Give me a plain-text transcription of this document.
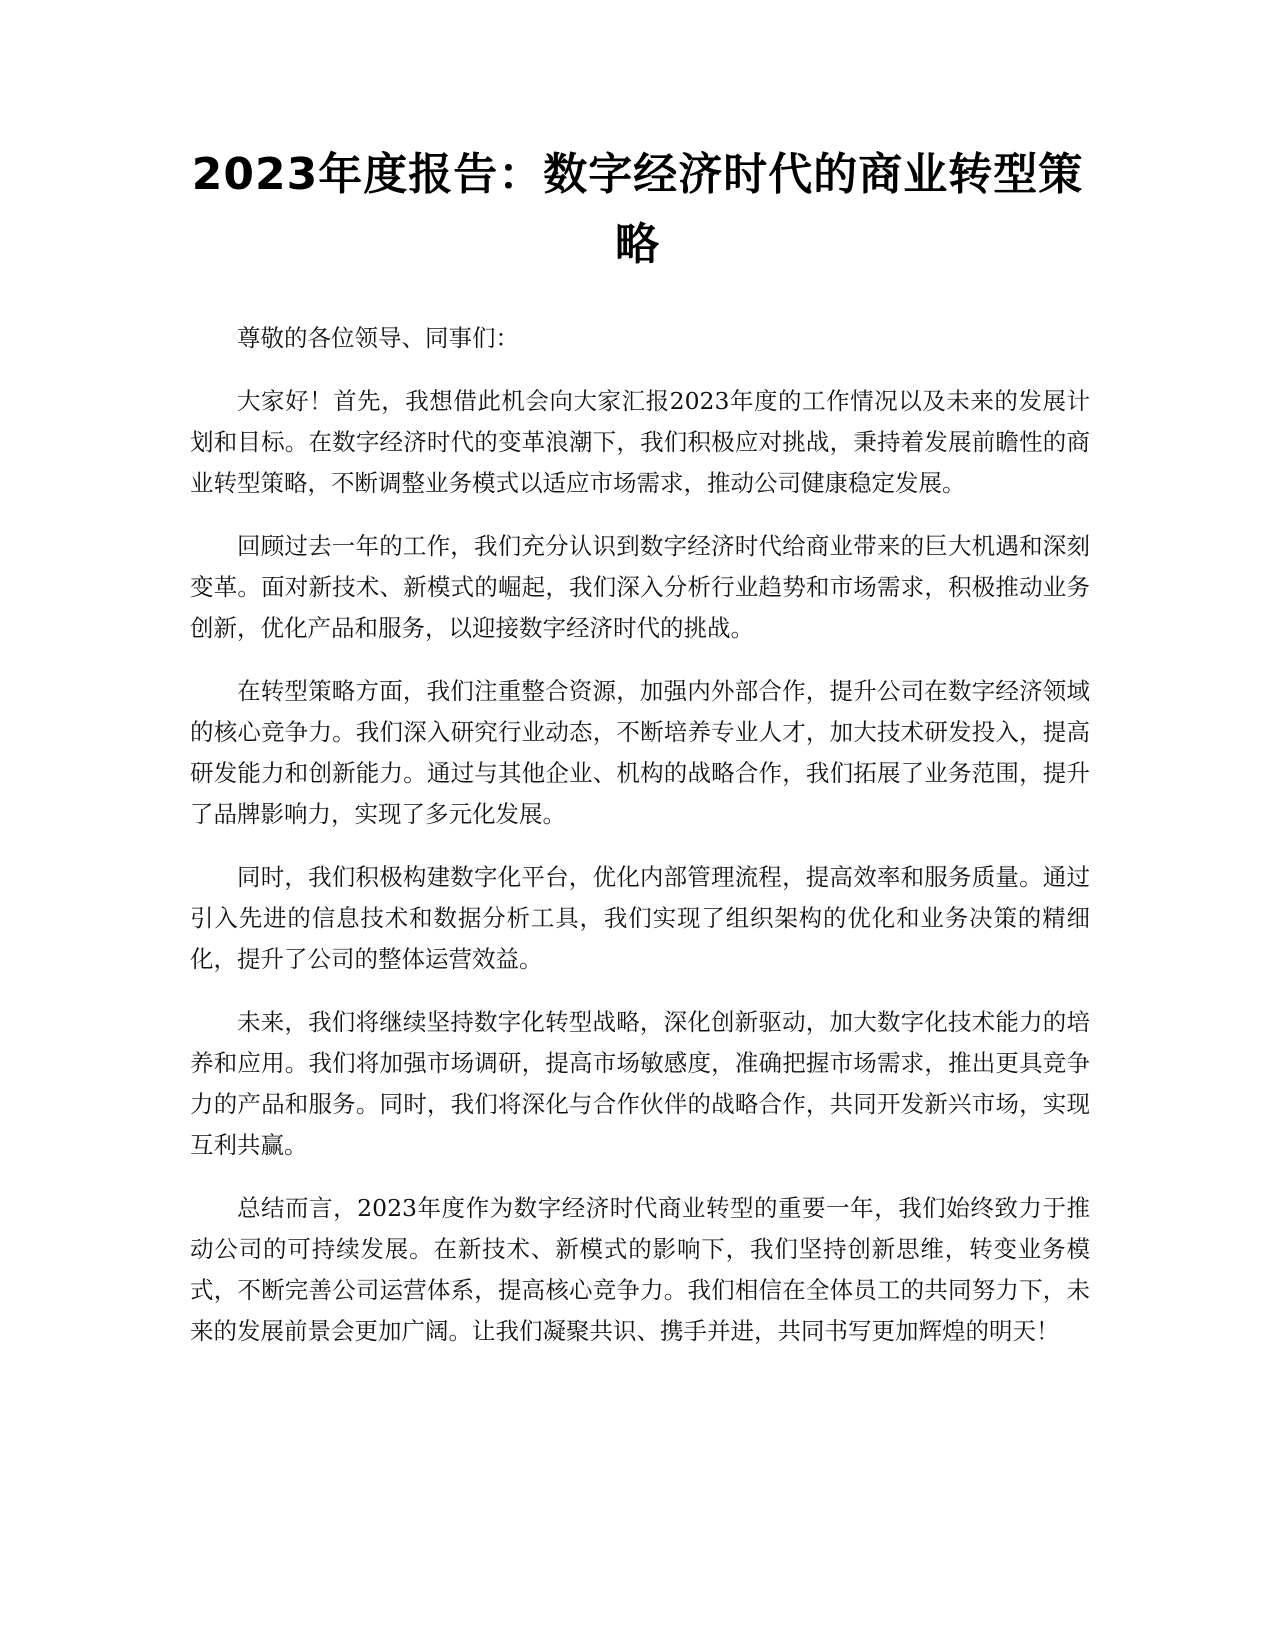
2023年度报告：数字经济时代的商业转型策略

尊敬的各位领导、同事们：

大家好！首先，我想借此机会向大家汇报2023年度的工作情况以及未来的发展计划和目标。在数字经济时代的变革浪潮下，我们积极应对挑战，秉持着发展前瞻性的商业转型策略，不断调整业务模式以适应市场需求，推动公司健康稳定发展。

回顾过去一年的工作，我们充分认识到数字经济时代给商业带来的巨大机遇和深刻变革。面对新技术、新模式的崛起，我们深入分析行业趋势和市场需求，积极推动业务创新，优化产品和服务，以迎接数字经济时代的挑战。

在转型策略方面，我们注重整合资源，加强内外部合作，提升公司在数字经济领域的核心竞争力。我们深入研究行业动态，不断培养专业人才，加大技术研发投入，提高研发能力和创新能力。通过与其他企业、机构的战略合作，我们拓展了业务范围，提升了品牌影响力，实现了多元化发展。

同时，我们积极构建数字化平台，优化内部管理流程，提高效率和服务质量。通过引入先进的信息技术和数据分析工具，我们实现了组织架构的优化和业务决策的精细化，提升了公司的整体运营效益。

未来，我们将继续坚持数字化转型战略，深化创新驱动，加大数字化技术能力的培养和应用。我们将加强市场调研，提高市场敏感度，准确把握市场需求，推出更具竞争力的产品和服务。同时，我们将深化与合作伙伴的战略合作，共同开发新兴市场，实现互利共赢。

总结而言，2023年度作为数字经济时代商业转型的重要一年，我们始终致力于推动公司的可持续发展。在新技术、新模式的影响下，我们坚持创新思维，转变业务模式，不断完善公司运营体系，提高核心竞争力。我们相信在全体员工的共同努力下，未来的发展前景会更加广阔。让我们凝聚共识、携手并进，共同书写更加辉煌的明天！
